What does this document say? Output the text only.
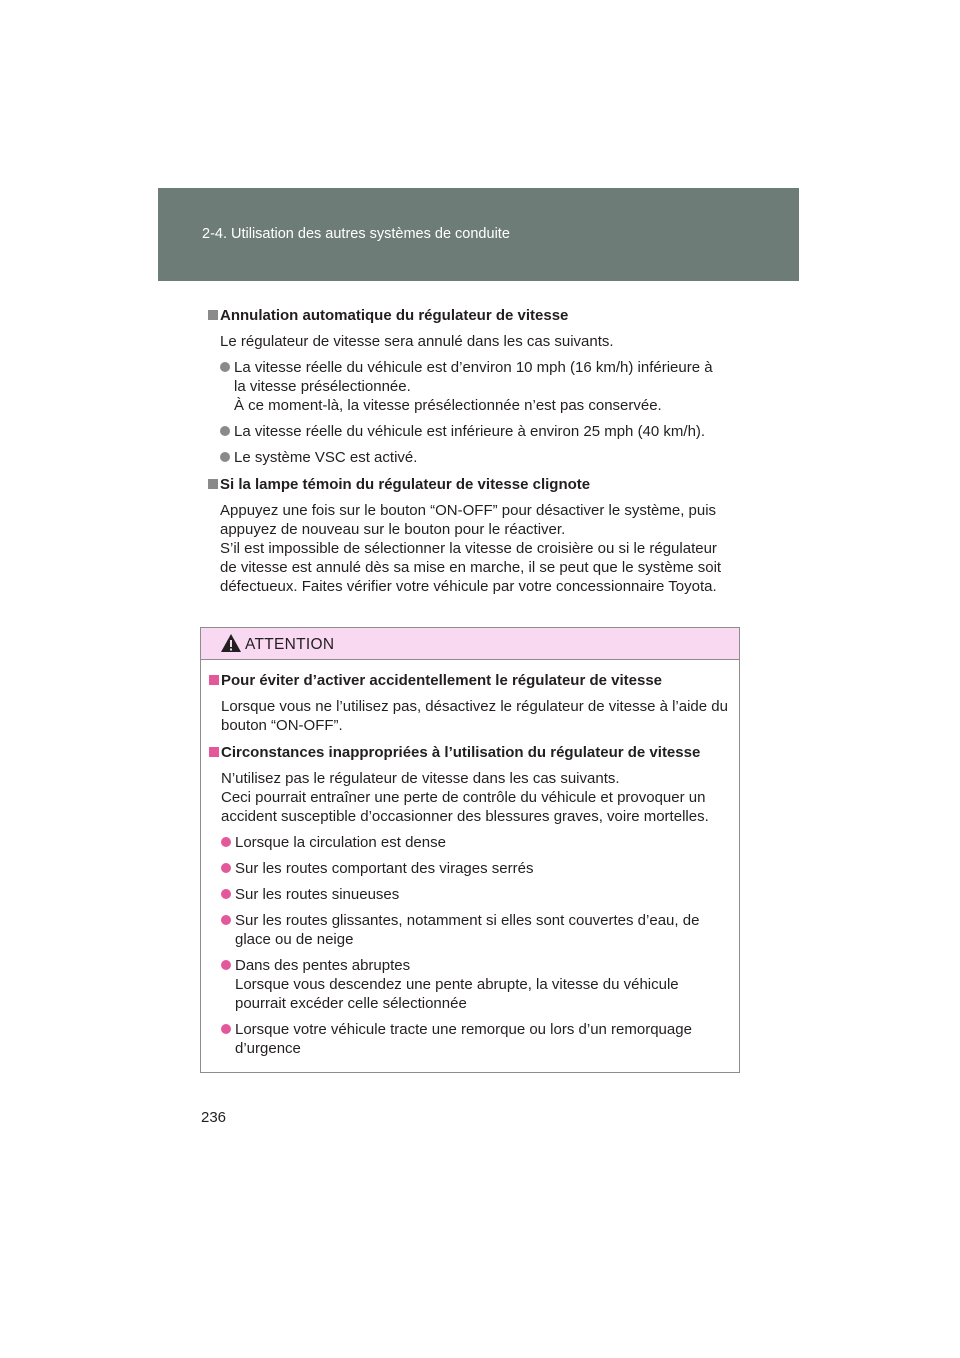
2-4. Utilisation des autres systèmes de conduite
Annulation automatique du régulateur de vitesse
Le régulateur de vitesse sera annulé dans les cas suivants.
La vitesse réelle du véhicule est d’environ 10 mph (16 km/h) inférieure à
la vitesse présélectionnée.
À ce moment-là, la vitesse présélectionnée n’est pas conservée.
La vitesse réelle du véhicule est inférieure à environ 25 mph (40 km/h).
Le système VSC est activé.
Si la lampe témoin du régulateur de vitesse clignote
Appuyez une fois sur le bouton “ON-OFF” pour désactiver le système, puis
appuyez de nouveau sur le bouton pour le réactiver.
S’il est impossible de sélectionner la vitesse de croisière ou si le régulateur
de vitesse est annulé dès sa mise en marche, il se peut que le système soit
défectueux. Faites vérifier votre véhicule par votre concessionnaire Toyota.
ATTENTION
Pour éviter d’activer accidentellement le régulateur de vitesse
Lorsque vous ne l’utilisez pas, désactivez le régulateur de vitesse à l’aide du
bouton “ON-OFF”.
Circonstances inappropriées à l’utilisation du régulateur de vitesse
N’utilisez pas le régulateur de vitesse dans les cas suivants.
Ceci pourrait entraîner une perte de contrôle du véhicule et provoquer un
accident susceptible d’occasionner des blessures graves, voire mortelles.
Lorsque la circulation est dense
Sur les routes comportant des virages serrés
Sur les routes sinueuses
Sur les routes glissantes, notamment si elles sont couvertes d’eau, de
glace ou de neige
Dans des pentes abruptes
Lorsque vous descendez une pente abrupte, la vitesse du véhicule
pourrait excéder celle sélectionnée
Lorsque votre véhicule tracte une remorque ou lors d’un remorquage
d’urgence
236
